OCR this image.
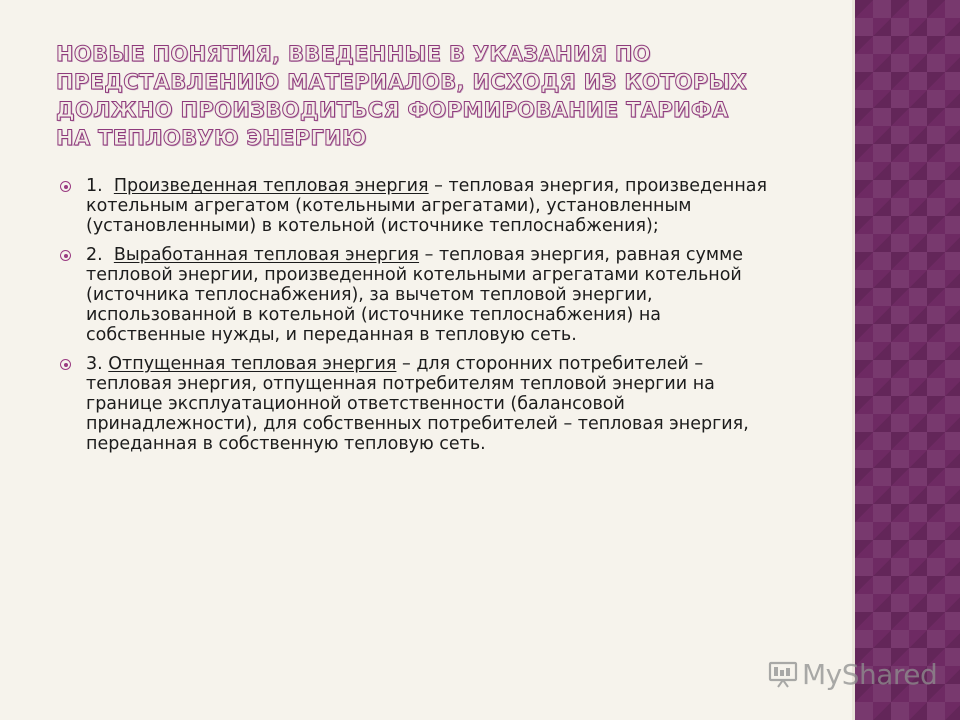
НОВЫЕ ПОНЯТИЯ, ВВЕДЕННЫЕ В УКАЗАНИЯ ПО ПРЕДСТАВЛЕНИЮ МАТЕРИАЛОВ, ИСХОДЯ ИЗ КОТОРЫХ ДОЛЖНО ПРОИЗВОДИТЬСЯ ФОРМИРОВАНИЕ ТАРИФА НА ТЕПЛОВУЮ ЭНЕРГИЮ
1. Произведенная тепловая энергия – тепловая энергия, произведенная котельным агрегатом (котельными агрегатами), установленным (установленными) в котельной (источнике теплоснабжения);
2. Выработанная тепловая энергия – тепловая энергия, равная сумме тепловой энергии, произведенной котельными агрегатами котельной (источника теплоснабжения), за вычетом тепловой энергии, использованной в котельной (источнике теплоснабжения) на собственные нужды, и переданная в тепловую сеть.
3. Отпущенная тепловая энергия – для сторонних потребителей – тепловая энергия, отпущенная потребителям тепловой энергии на границе эксплуатационной ответственности (балансовой принадлежности), для собственных потребителей – тепловая энергия, переданная в собственную тепловую сеть.
MyShared
